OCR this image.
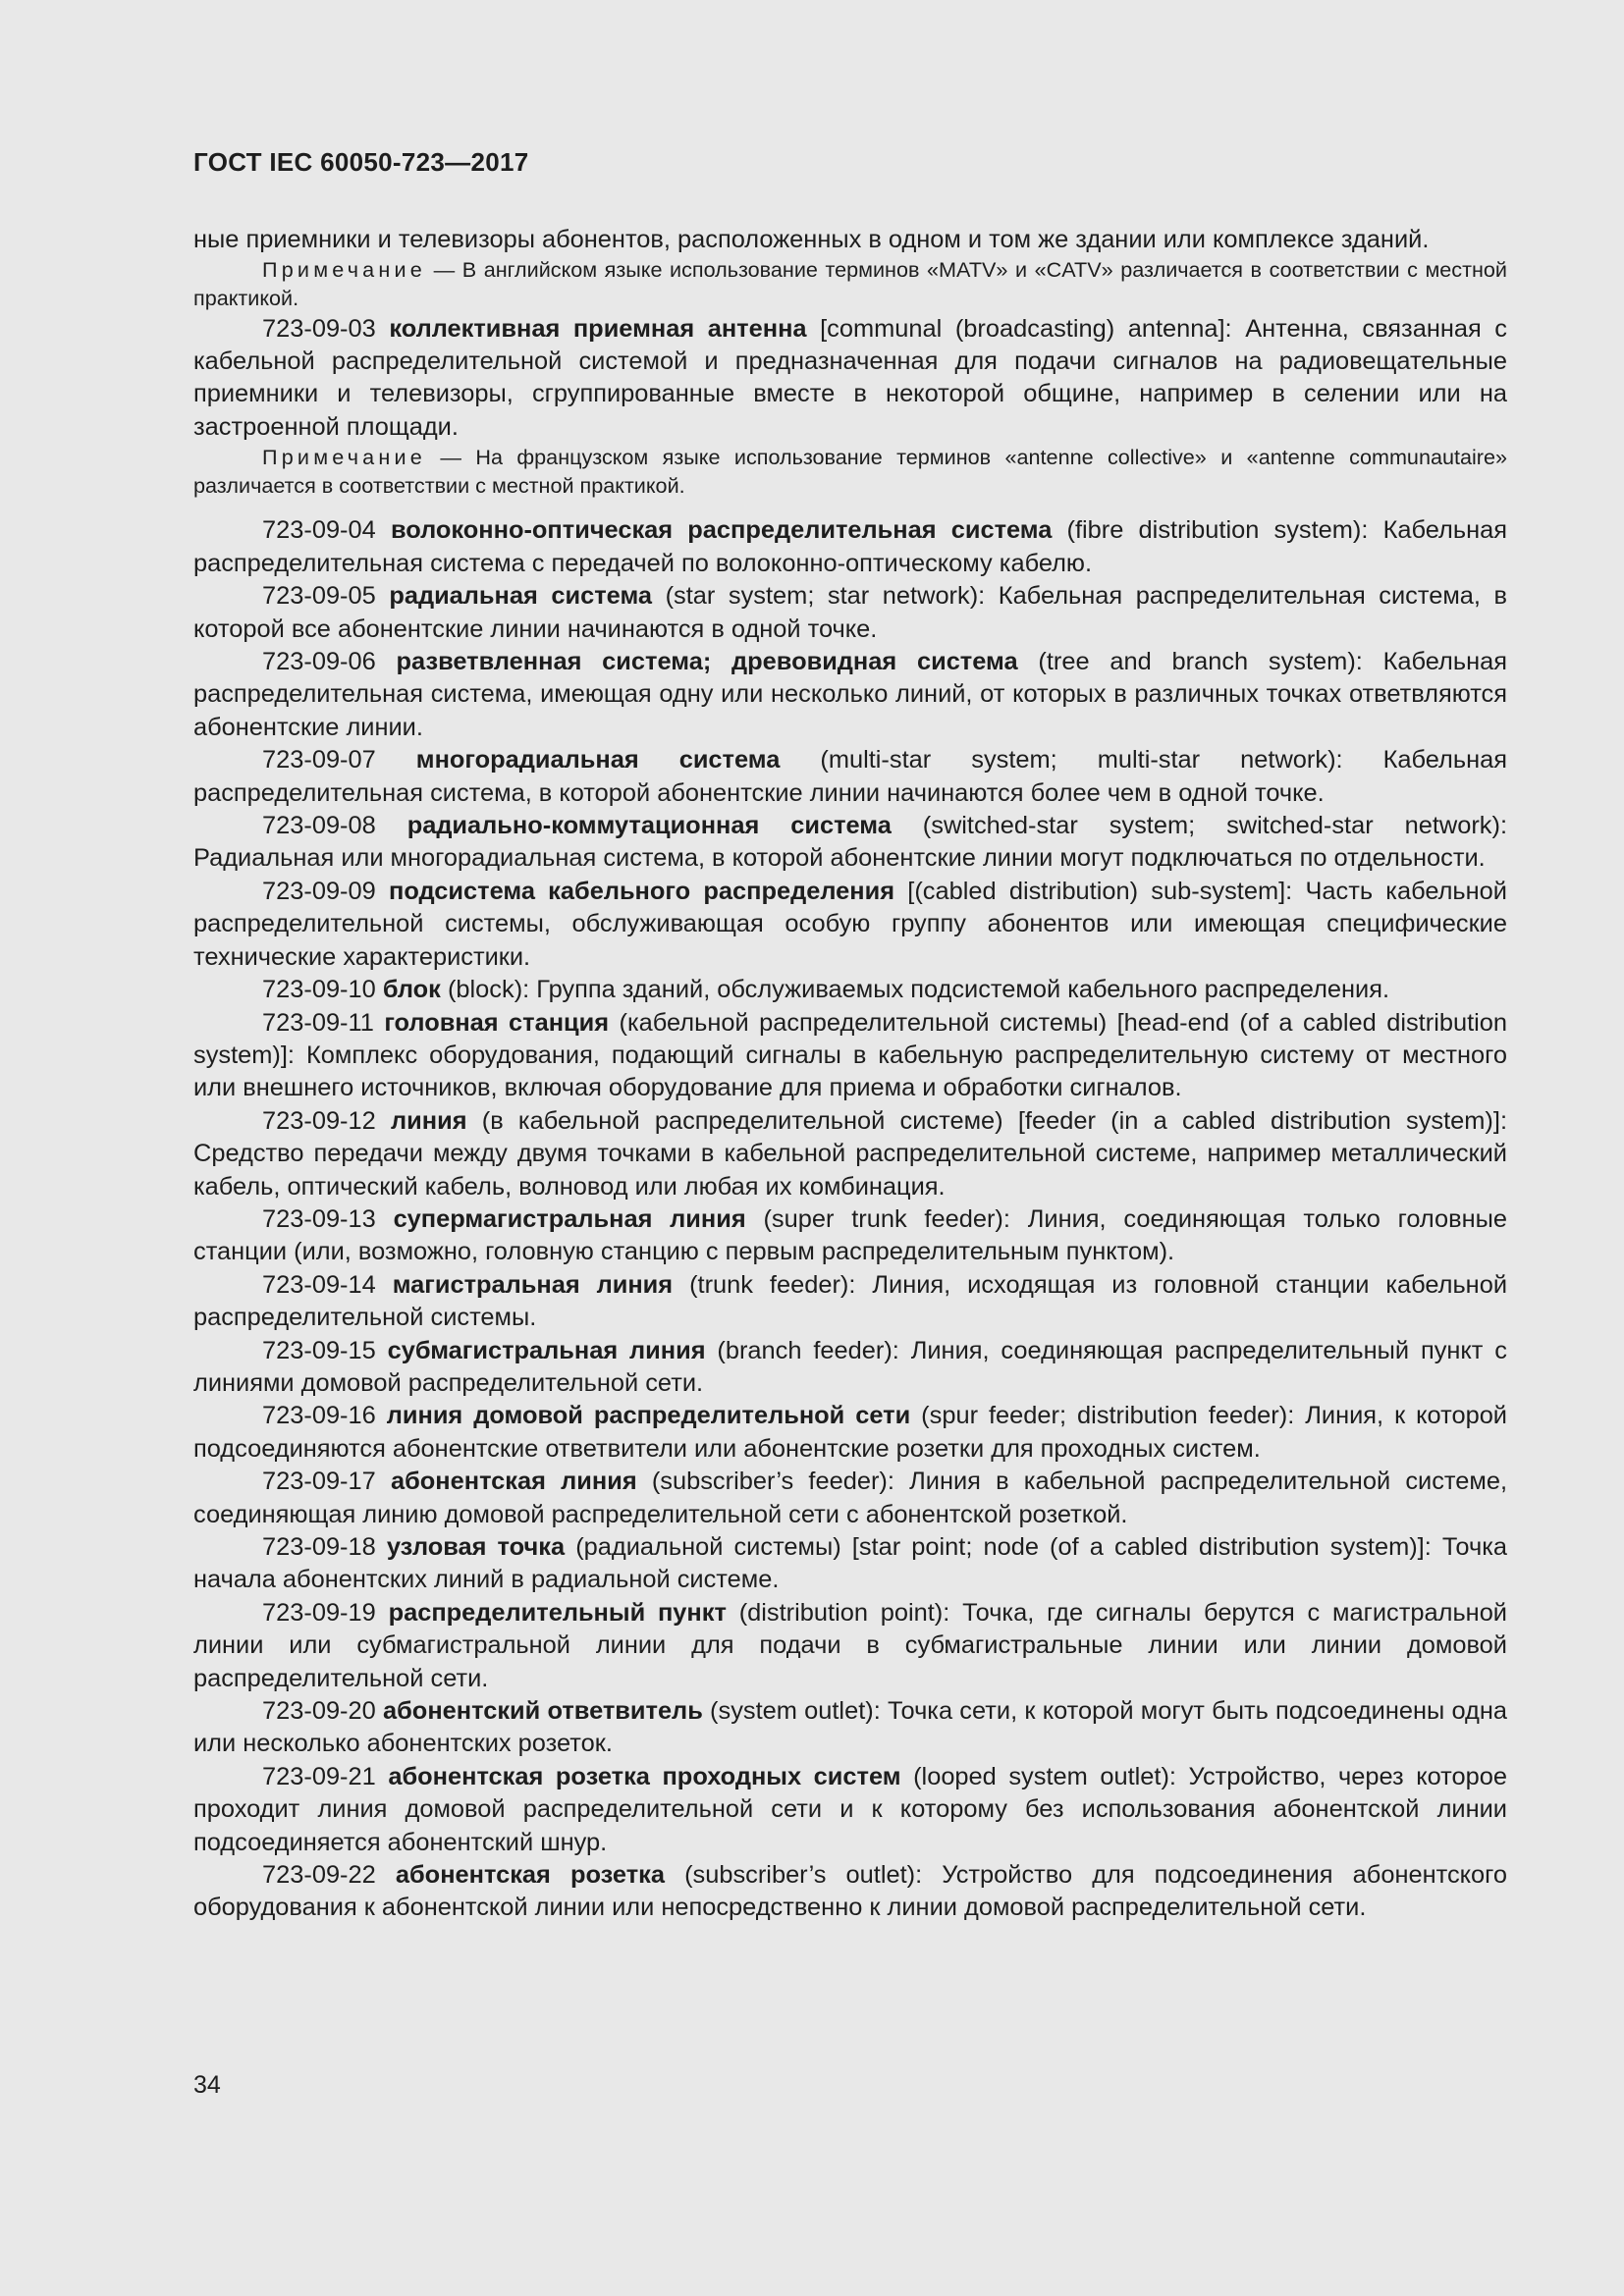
ГОСТ IEC 60050-723—2017

ные приемники и телевизоры абонентов, расположенных в одном и том же здании или комплексе зданий.

Примечание — В английском языке использование терминов «MATV» и «CATV» различается в соответствии с местной практикой.

723-09-03 коллективная приемная антенна [communal (broadcasting) antenna]: Антенна, связанная с кабельной распределительной системой и предназначенная для подачи сигналов на радиовещательные приемники и телевизоры, сгруппированные вместе в некоторой общине, например в селении или на застроенной площади.

Примечание — На французском языке использование терминов «antenne collective» и «antenne communautaire» различается в соответствии с местной практикой.

723-09-04 волоконно-оптическая распределительная система (fibre distribution system): Кабельная распределительная система с передачей по волоконно-оптическому кабелю.

723-09-05 радиальная система (star system; star network): Кабельная распределительная система, в которой все абонентские линии начинаются в одной точке.

723-09-06 разветвленная система; древовидная система (tree and branch system): Кабельная распределительная система, имеющая одну или несколько линий, от которых в различных точках ответвляются абонентские линии.

723-09-07 многорадиальная система (multi-star system; multi-star network): Кабельная распределительная система, в которой абонентские линии начинаются более чем в одной точке.

723-09-08 радиально-коммутационная система (switched-star system; switched-star network): Радиальная или многорадиальная система, в которой абонентские линии могут подключаться по отдельности.

723-09-09 подсистема кабельного распределения [(cabled distribution) sub-system]: Часть кабельной распределительной системы, обслуживающая особую группу абонентов или имеющая специфические технические характеристики.

723-09-10 блок (block): Группа зданий, обслуживаемых подсистемой кабельного распределения.

723-09-11 головная станция (кабельной распределительной системы) [head-end (of a cabled distribution system)]: Комплекс оборудования, подающий сигналы в кабельную распределительную систему от местного или внешнего источников, включая оборудование для приема и обработки сигналов.

723-09-12 линия (в кабельной распределительной системе) [feeder (in a cabled distribution system)]: Средство передачи между двумя точками в кабельной распределительной системе, например металлический кабель, оптический кабель, волновод или любая их комбинация.

723-09-13 супермагистральная линия (super trunk feeder): Линия, соединяющая только головные станции (или, возможно, головную станцию с первым распределительным пунктом).

723-09-14 магистральная линия (trunk feeder): Линия, исходящая из головной станции кабельной распределительной системы.

723-09-15 субмагистральная линия (branch feeder): Линия, соединяющая распределительный пункт с линиями домовой распределительной сети.

723-09-16 линия домовой распределительной сети (spur feeder; distribution feeder): Линия, к которой подсоединяются абонентские ответвители или абонентские розетки для проходных систем.

723-09-17 абонентская линия (subscriber’s feeder): Линия в кабельной распределительной системе, соединяющая линию домовой распределительной сети с абонентской розеткой.

723-09-18 узловая точка (радиальной системы) [star point; node (of a cabled distribution system)]: Точка начала абонентских линий в радиальной системе.

723-09-19 распределительный пункт (distribution point): Точка, где сигналы берутся с магистральной линии или субмагистральной линии для подачи в субмагистральные линии или линии домовой распределительной сети.

723-09-20 абонентский ответвитель (system outlet): Точка сети, к которой могут быть подсоединены одна или несколько абонентских розеток.

723-09-21 абонентская розетка проходных систем (looped system outlet): Устройство, через которое проходит линия домовой распределительной сети и к которому без использования абонентской линии подсоединяется абонентский шнур.

723-09-22 абонентская розетка (subscriber’s outlet): Устройство для подсоединения абонентского оборудования к абонентской линии или непосредственно к линии домовой распределительной сети.

34
